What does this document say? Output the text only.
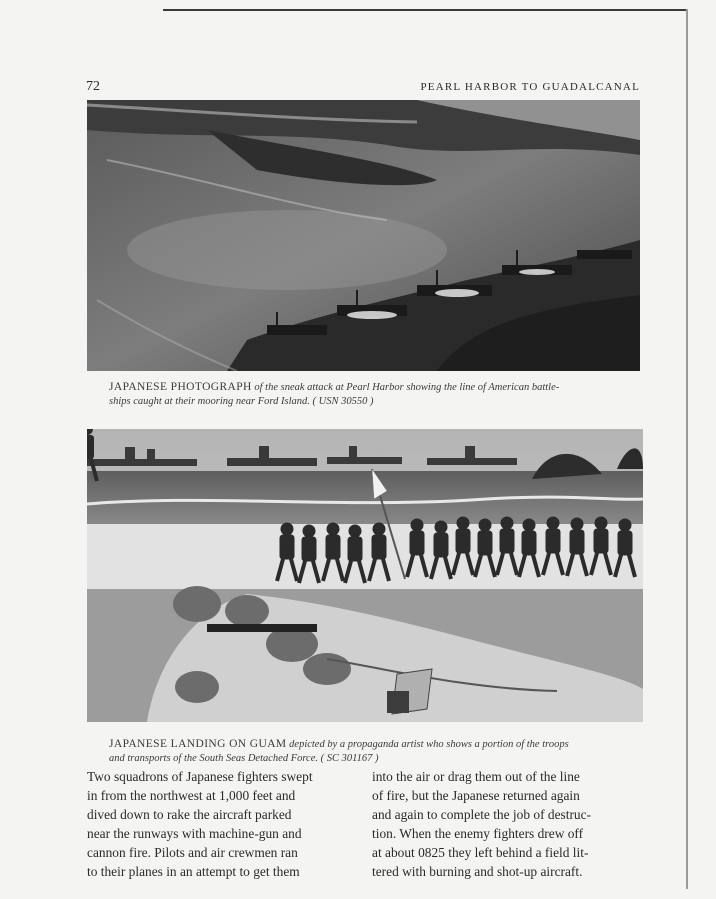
72	PEARL HARBOR TO GUADALCANAL
JAPANESE PHOTOGRAPH of the sneak attack at Pearl Harbor showing the line of American battle-
ships caught at their mooring near Ford Island. ( USN 30550 )
JAPANESE LANDING ON GUAM depicted by a propaganda artist who shows a portion of the troops
and transports of the South Seas Detached Force. ( SC 301167 )
Two squadrons of Japanese fighters swept
in from the northwest at 1,000 feet and
dived down to rake the aircraft parked
near the runways with machine-gun and
cannon fire. Pilots and air crewmen ran
to their planes in an attempt to get them
into the air or drag them out of the line
of fire, but the Japanese returned again
and again to complete the job of destruc-
tion. When the enemy fighters drew off
at about 0825 they left behind a field lit-
tered with burning and shot-up aircraft.
